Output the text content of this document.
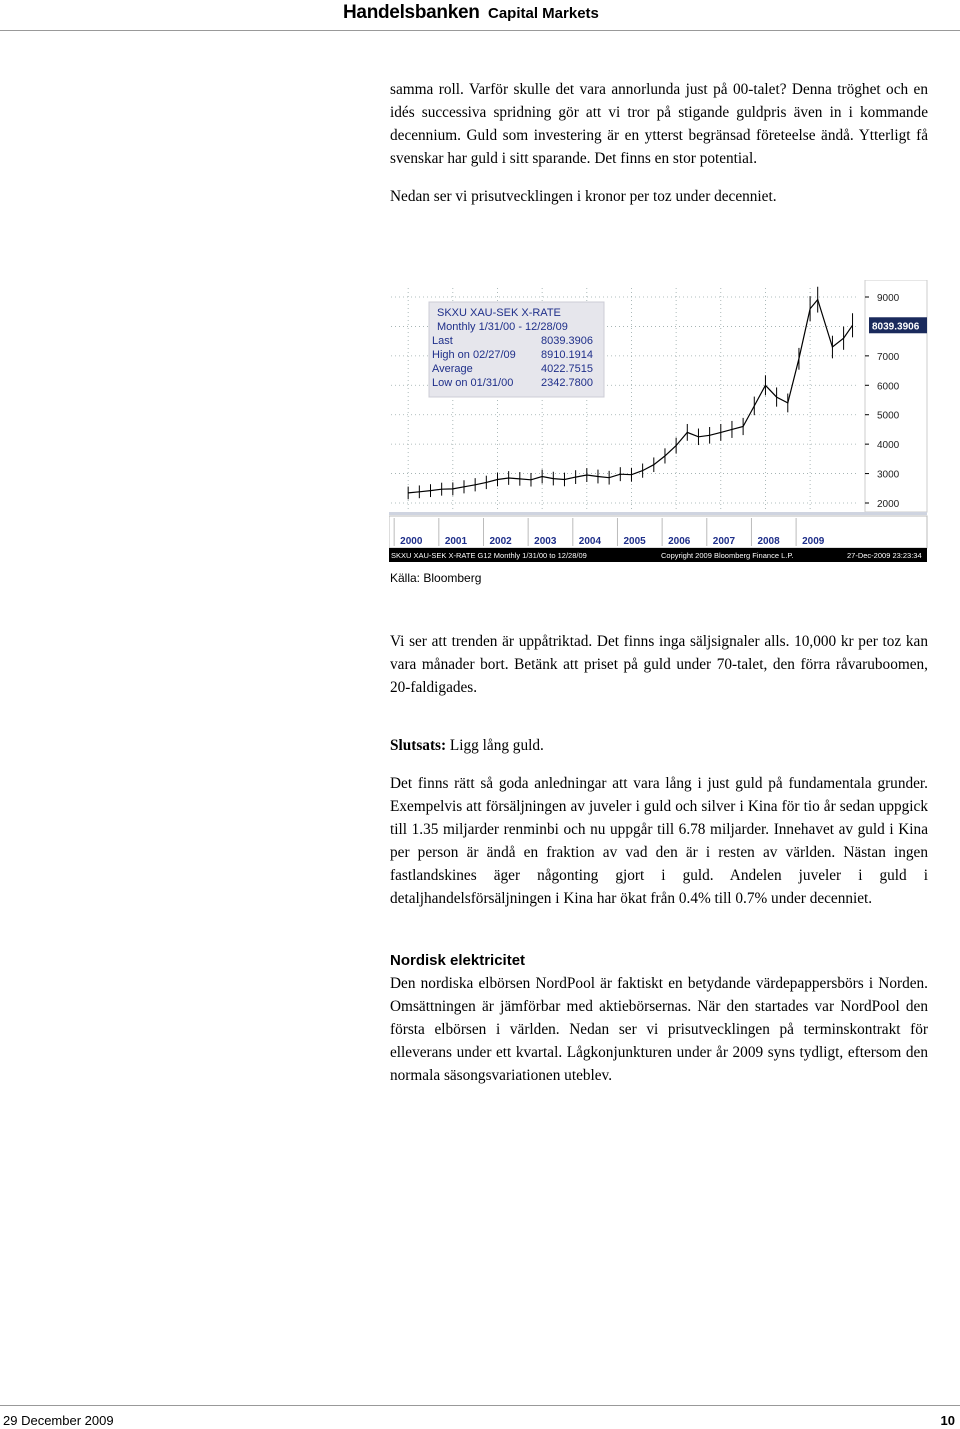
Handelsbanken Capital Markets

samma roll. Varför skulle det vara annorlunda just på 00-talet? Denna tröghet och en idés successiva spridning gör att vi tror på stigande guldpris även in i kommande decennium. Guld som investering är en ytterst begränsad företeelse ändå. Ytterligt få svenskar har guld i sitt sparande. Det finns en stor potential.

Nedan ser vi prisutvecklingen i kronor per toz under decenniet.

9000
8039.3906
7000
6000
5000
4000
3000
2000
SKXU XAU-SEK X-RATE
Monthly 1/31/00 - 12/28/09
Last	8039.3906
High on 02/27/09 8910.1914
Average	4022.7515
Low on 01/31/00	2342.7800
2000 2001 2002 2003 2004 2005 2006 2007 2008 2009
SKXU XAU-SEK X-RATE G12 Monthly 1/31/00 to 12/28/09	Copyright 2009 Bloomberg Finance L.P.	27-Dec-2009 23:23:34
Källa: Bloomberg

Vi ser att trenden är uppåtriktad. Det finns inga säljsignaler alls. 10,000 kr per toz kan vara månader bort. Betänk att priset på guld under 70-talet, den förra råvaruboomen, 20-faldigades.

Slutsats: Ligg lång guld.

Det finns rätt så goda anledningar att vara lång i just guld på fundamentala grunder. Exempelvis att försäljningen av juveler i guld och silver i Kina för tio år sedan uppgick till 1.35 miljarder renminbi och nu uppgår till 6.78 miljarder. Innehavet av guld i Kina per person är ändå en fraktion av vad den är i resten av världen. Nästan ingen fastlandskines äger någonting gjort i guld. Andelen juveler i guld i detaljhandelsförsäljningen i Kina har ökat från 0.4% till 0.7% under decenniet.

Nordisk elektricitet

Den nordiska elbörsen NordPool är faktiskt en betydande värdepappersbörs i Norden. Omsättningen är jämförbar med aktiebörsernas. När den startades var NordPool den första elbörsen i världen. Nedan ser vi prisutvecklingen på terminskontrakt för elleverans under ett kvartal. Lågkonjunkturen under år 2009 syns tydligt, eftersom den normala säsongsvariationen uteblev.

29 December 2009	10
